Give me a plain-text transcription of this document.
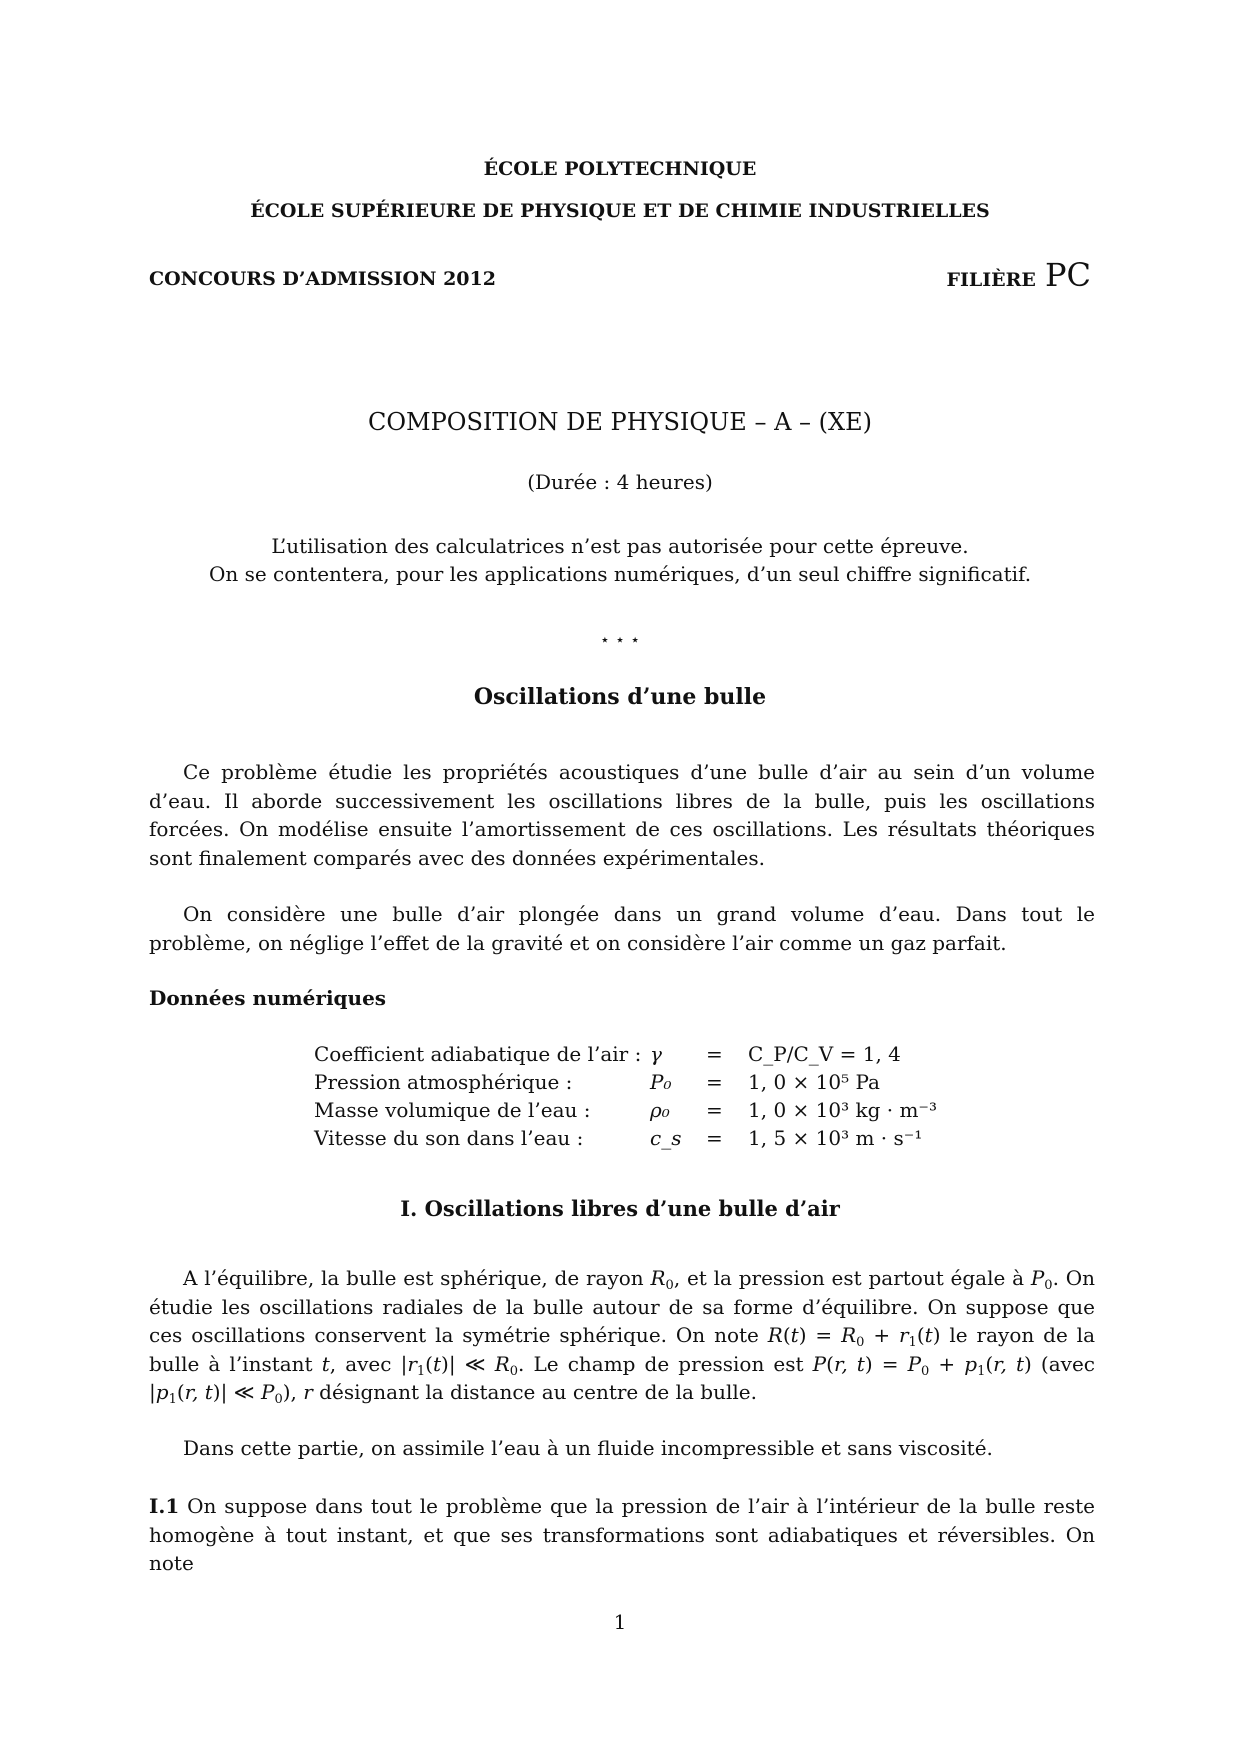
ÉCOLE POLYTECHNIQUE
ÉCOLE SUPÉRIEURE DE PHYSIQUE ET DE CHIMIE INDUSTRIELLES
CONCOURS D’ADMISSION 2012	FILIÈRE PC
COMPOSITION DE PHYSIQUE – A – (XE)
(Durée : 4 heures)
L’utilisation des calculatrices n’est pas autorisée pour cette épreuve.
On se contentera, pour les applications numériques, d’un seul chiffre significatif.
⋆ ⋆ ⋆
Oscillations d’une bulle
Ce problème étudie les propriétés acoustiques d’une bulle d’air au sein d’un volume d’eau. Il aborde successivement les oscillations libres de la bulle, puis les oscillations forcées. On modélise ensuite l’amortissement de ces oscillations. Les résultats théoriques sont finalement comparés avec des données expérimentales.
On considère une bulle d’air plongée dans un grand volume d’eau. Dans tout le problème, on néglige l’effet de la gravité et on considère l’air comme un gaz parfait.
Données numériques
Coefficient adiabatique de l’air : γ = C_P/C_V = 1, 4
Pression atmosphérique :	P₀ = 1, 0 × 10⁵ Pa
Masse volumique de l’eau :	ρ₀ = 1, 0 × 10³ kg · m⁻³
Vitesse du son dans l’eau :	c_s = 1, 5 × 10³ m · s⁻¹
I. Oscillations libres d’une bulle d’air
A l’équilibre, la bulle est sphérique, de rayon $R_0$, et la pression est partout égale à $P_0$. On étudie les oscillations radiales de la bulle autour de sa forme d’équilibre. On suppose que ces oscillations conservent la symétrie sphérique. On note $R(t) = R_0 + r_1(t)$ le rayon de la bulle à l’instant t, avec $|r_1(t)|$ ≪ $R_0$. Le champ de pression est P(r, $t) = P_0 + p_1(r$, t) (avec $|p_1(r$, t)| ≪ $P_0$), r désignant la distance au centre de la bulle.
Dans cette partie, on assimile l’eau à un fluide incompressible et sans viscosité.
I.1 On suppose dans tout le problème que la pression de l’air à l’intérieur de la bulle reste homogène à tout instant, et que ses transformations sont adiabatiques et réversibles. On note
1
